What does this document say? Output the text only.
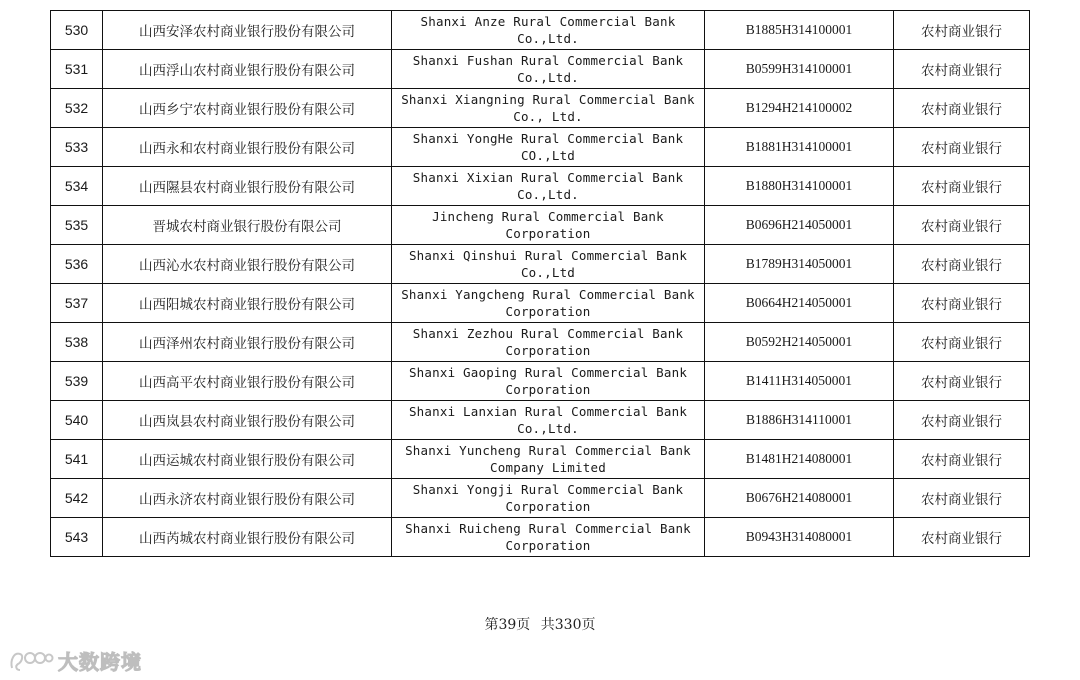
530	山西安泽农村商业银行股份有限公司	Shanxi Anze Rural Commercial Bank Co.,Ltd.	B1885H314100001	农村商业银行
531	山西浮山农村商业银行股份有限公司	Shanxi Fushan Rural Commercial Bank Co.,Ltd.	B0599H314100001	农村商业银行
532	山西乡宁农村商业银行股份有限公司	Shanxi Xiangning Rural Commercial Bank Co., Ltd.	B1294H214100002	农村商业银行
533	山西永和农村商业银行股份有限公司	Shanxi YongHe Rural Commercial Bank CO.,Ltd	B1881H314100001	农村商业银行
534	山西隰县农村商业银行股份有限公司	Shanxi Xixian Rural Commercial Bank Co.,Ltd.	B1880H314100001	农村商业银行
535	晋城农村商业银行股份有限公司	Jincheng Rural Commercial Bank Corporation	B0696H214050001	农村商业银行
536	山西沁水农村商业银行股份有限公司	Shanxi Qinshui Rural Commercial Bank Co.,Ltd	B1789H314050001	农村商业银行
537	山西阳城农村商业银行股份有限公司	Shanxi Yangcheng Rural Commercial Bank Corporation	B0664H214050001	农村商业银行
538	山西泽州农村商业银行股份有限公司	Shanxi Zezhou Rural Commercial Bank Corporation	B0592H214050001	农村商业银行
539	山西高平农村商业银行股份有限公司	Shanxi Gaoping Rural Commercial Bank Corporation	B1411H314050001	农村商业银行
540	山西岚县农村商业银行股份有限公司	Shanxi Lanxian Rural Commercial Bank Co.,Ltd.	B1886H314110001	农村商业银行
541	山西运城农村商业银行股份有限公司	Shanxi Yuncheng Rural Commercial Bank Company Limited	B1481H214080001	农村商业银行
542	山西永济农村商业银行股份有限公司	Shanxi Yongji Rural Commercial Bank Corporation	B0676H214080001	农村商业银行
543	山西芮城农村商业银行股份有限公司	Shanxi Ruicheng Rural Commercial Bank Corporation	B0943H314080001	农村商业银行
第39页 共330页
大数跨境
